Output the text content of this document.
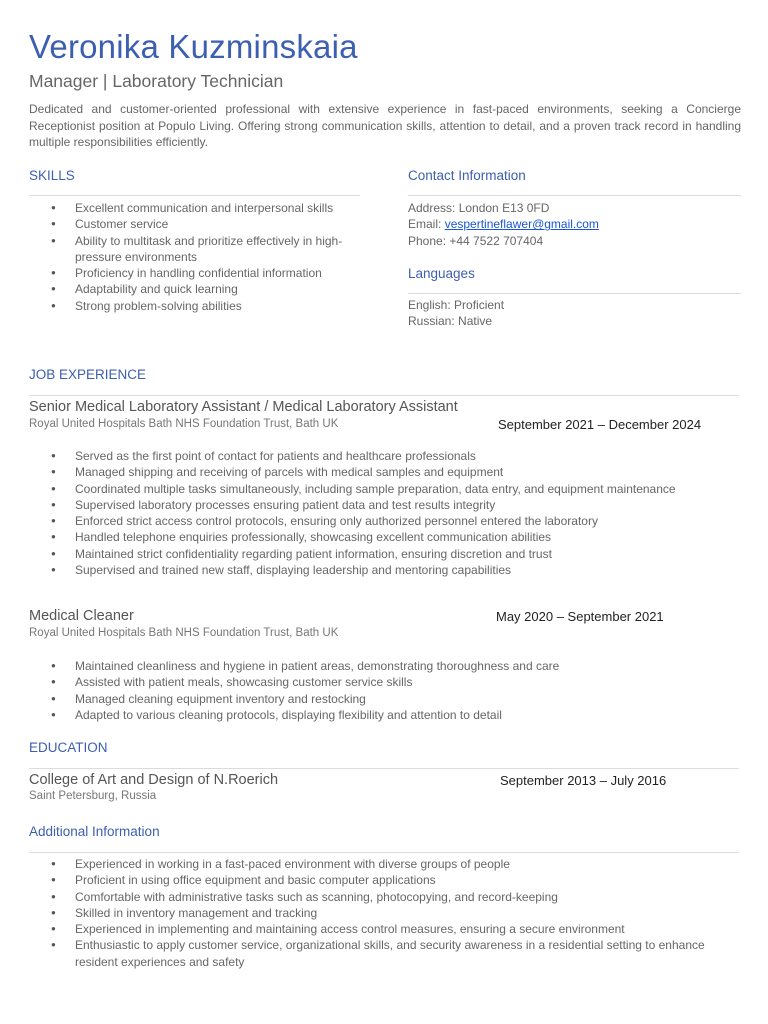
Veronika Kuzminskaia
Manager | Laboratory Technician
Dedicated and customer-oriented professional with extensive experience in fast-paced environments, seeking a Concierge Receptionist position at Populo Living. Offering strong communication skills, attention to detail, and a proven track record in handling multiple responsibilities efficiently.
SKILLS
● Excellent communication and interpersonal skills
● Customer service
● Ability to multitask and prioritize effectively in high-pressure environments
● Proficiency in handling confidential information
● Adaptability and quick learning
● Strong problem-solving abilities
Contact Information
Address: London E13 0FD
Email: vespertineflawer@gmail.com
Phone: +44 7522 707404
Languages
English: Proficient
Russian: Native
JOB EXPERIENCE
Senior Medical Laboratory Assistant / Medical Laboratory Assistant
Royal United Hospitals Bath NHS Foundation Trust, Bath UK	September 2021 – December 2024
● Served as the first point of contact for patients and healthcare professionals
● Managed shipping and receiving of parcels with medical samples and equipment
● Coordinated multiple tasks simultaneously, including sample preparation, data entry, and equipment maintenance
● Supervised laboratory processes ensuring patient data and test results integrity
● Enforced strict access control protocols, ensuring only authorized personnel entered the laboratory
● Handled telephone enquiries professionally, showcasing excellent communication abilities
● Maintained strict confidentiality regarding patient information, ensuring discretion and trust
● Supervised and trained new staff, displaying leadership and mentoring capabilities
Medical Cleaner
Royal United Hospitals Bath NHS Foundation Trust, Bath UK
May 2020 – September 2021
● Maintained cleanliness and hygiene in patient areas, demonstrating thoroughness and care
● Assisted with patient meals, showcasing customer service skills
● Managed cleaning equipment inventory and restocking
● Adapted to various cleaning protocols, displaying flexibility and attention to detail
EDUCATION
College of Art and Design of N.Roerich	September 2013 – July 2016
Saint Petersburg, Russia
Additional Information
● Experienced in working in a fast-paced environment with diverse groups of people
● Proficient in using office equipment and basic computer applications
● Comfortable with administrative tasks such as scanning, photocopying, and record-keeping
● Skilled in inventory management and tracking
● Experienced in implementing and maintaining access control measures, ensuring a secure environment
● Enthusiastic to apply customer service, organizational skills, and security awareness in a residential setting to enhance resident experiences and safety
